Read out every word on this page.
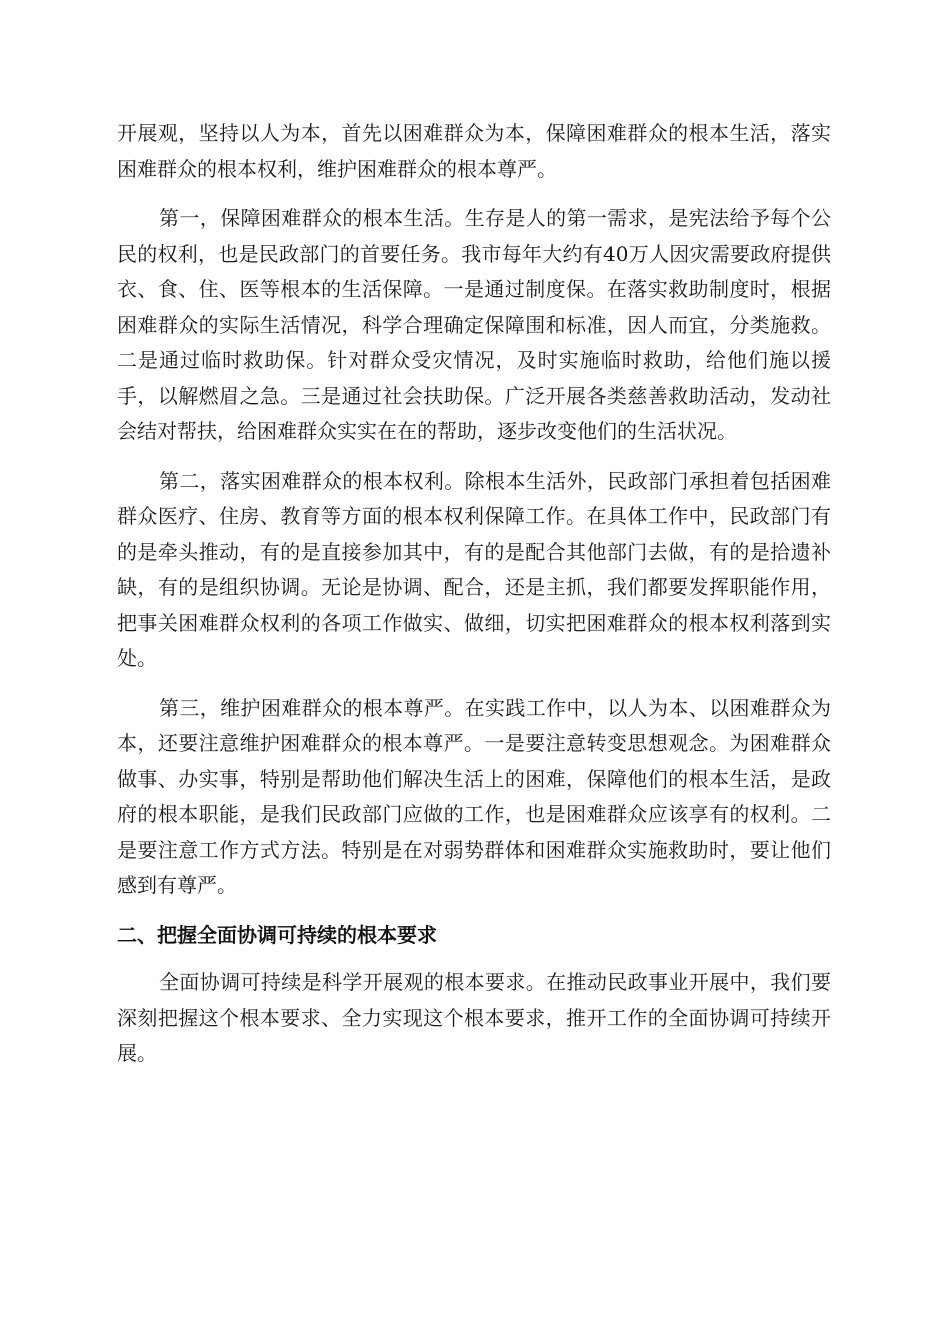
开展观，坚持以人为本，首先以困难群众为本，保障困难群众的根本生活，落实困难群众的根本权利，维护困难群众的根本尊严。

第一，保障困难群众的根本生活。生存是人的第一需求，是宪法给予每个公民的权利，也是民政部门的首要任务。我市每年大约有40万人因灾需要政府提供衣、食、住、医等根本的生活保障。一是通过制度保。在落实救助制度时，根据困难群众的实际生活情况，科学合理确定保障围和标准，因人而宜，分类施救。二是通过临时救助保。针对群众受灾情况，及时实施临时救助，给他们施以援手，以解燃眉之急。三是通过社会扶助保。广泛开展各类慈善救助活动，发动社会结对帮扶，给困难群众实实在在的帮助，逐步改变他们的生活状况。

第二，落实困难群众的根本权利。除根本生活外，民政部门承担着包括困难群众医疗、住房、教育等方面的根本权利保障工作。在具体工作中，民政部门有的是牵头推动，有的是直接参加其中，有的是配合其他部门去做，有的是拾遗补缺，有的是组织协调。无论是协调、配合，还是主抓，我们都要发挥职能作用，把事关困难群众权利的各项工作做实、做细，切实把困难群众的根本权利落到实处。

第三，维护困难群众的根本尊严。在实践工作中，以人为本、以困难群众为本，还要注意维护困难群众的根本尊严。一是要注意转变思想观念。为困难群众做事、办实事，特别是帮助他们解决生活上的困难，保障他们的根本生活，是政府的根本职能，是我们民政部门应做的工作，也是困难群众应该享有的权利。二是要注意工作方式方法。特别是在对弱势群体和困难群众实施救助时，要让他们感到有尊严。

二、把握全面协调可持续的根本要求

全面协调可持续是科学开展观的根本要求。在推动民政事业开展中，我们要深刻把握这个根本要求、全力实现这个根本要求，推开工作的全面协调可持续开展。
